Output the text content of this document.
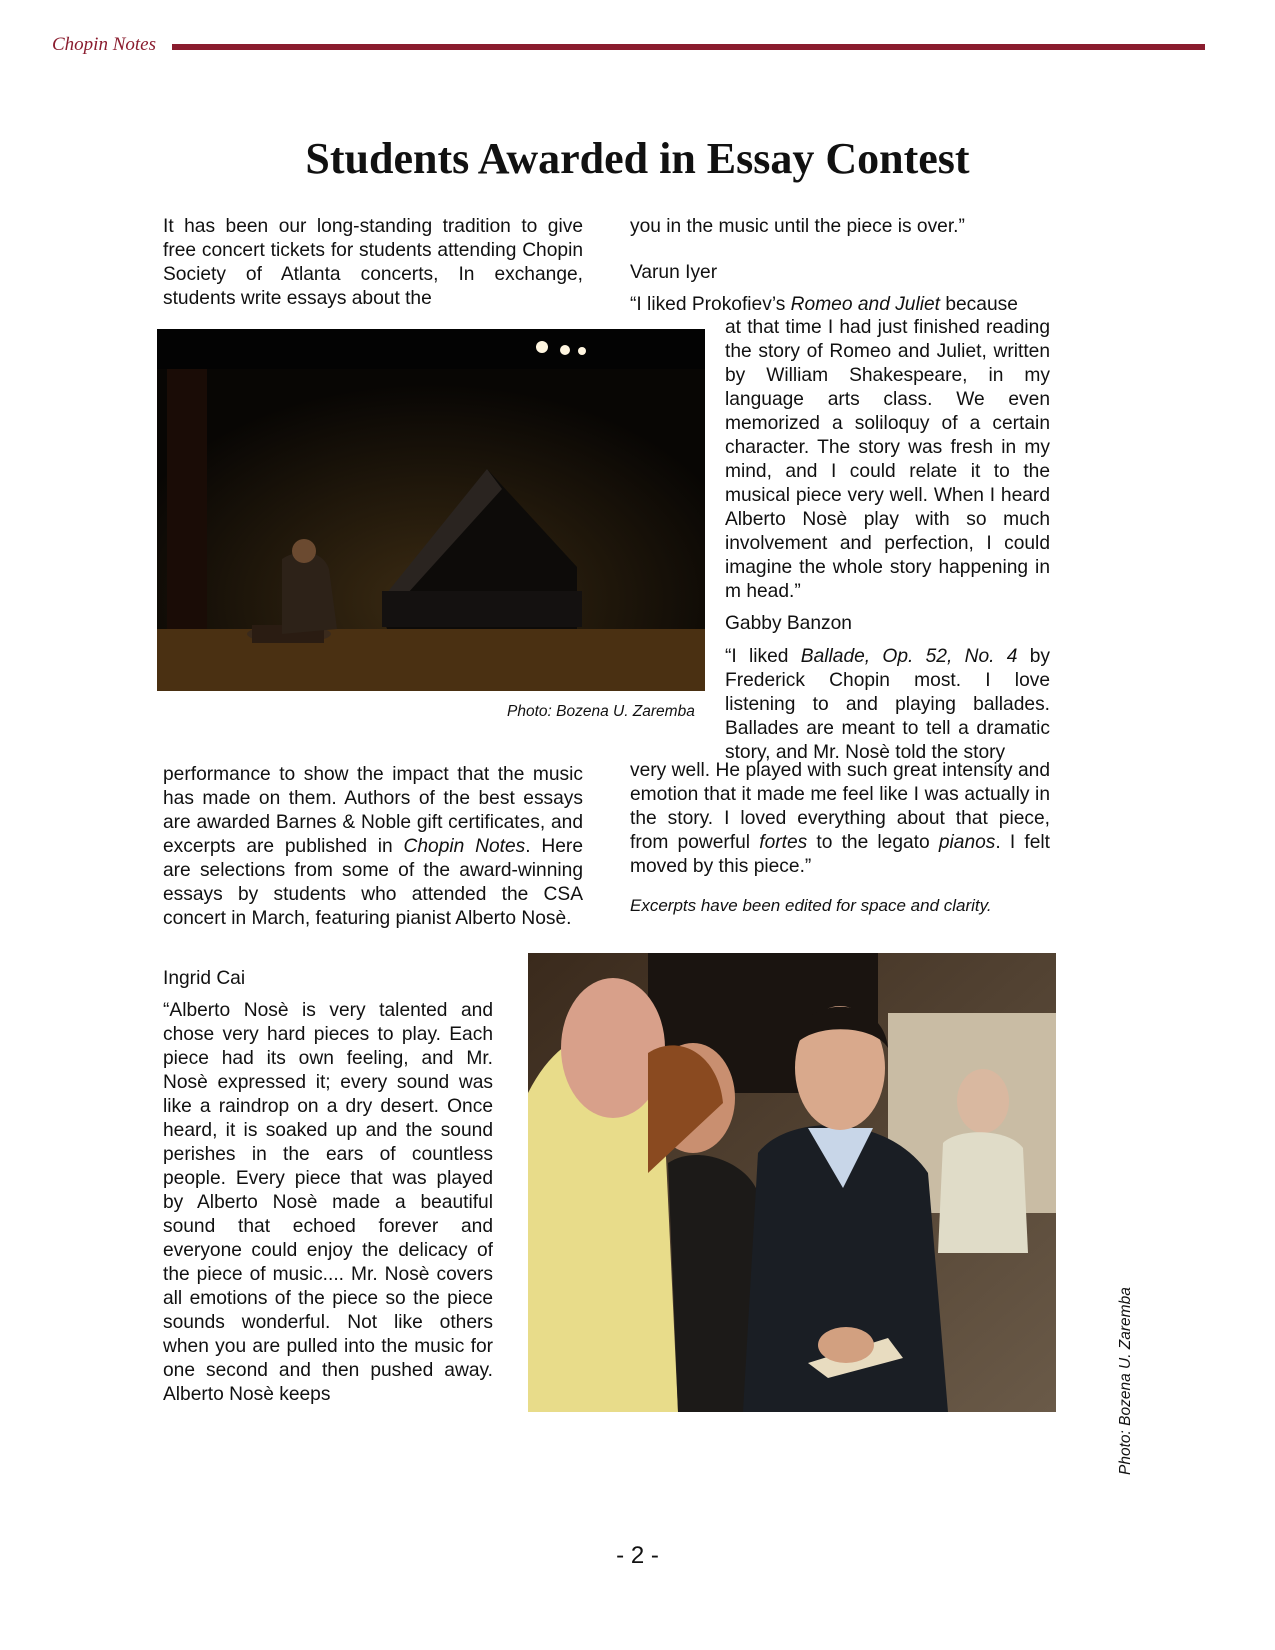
Chopin Notes
Students Awarded in Essay Contest

It has been our long-standing tradition to give free concert tickets for students attending Chopin Society of Atlanta concerts, In exchange, students write essays about the

Photo: Bozena U. Zaremba

performance to show the impact that the music has made on them. Authors of the best essays are awarded Barnes & Noble gift certificates, and excerpts are published in Chopin Notes. Here are selections from some of the award-winning essays by students who attended the CSA concert in March, featuring pianist Alberto Nosè.

Ingrid Cai

“Alberto Nosè is very talented and chose very hard pieces to play. Each piece had its own feeling, and Mr. Nosè expressed it; every sound was like a raindrop on a dry desert. Once heard, it is soaked up and the sound perishes in the ears of countless people. Every piece that was played by Alberto Nosè made a beautiful sound that echoed forever and everyone could enjoy the delicacy of the piece of music.... Mr. Nosè covers all emotions of the piece so the piece sounds wonderful. Not like others when you are pulled into the music for one second and then pushed away. Alberto Nosè keeps

you in the music until the piece is over.”

Varun Iyer

“I liked Prokofiev’s Romeo and Juliet because

at that time I had just finished reading the story of Romeo and Juliet, written by William Shakespeare, in my language arts class. We even memorized a soliloquy of a certain character. The story was fresh in my mind, and I could relate it to the musical piece very well. When I heard Alberto Nosè play with so much involvement and perfection, I could imagine the whole story happening in m head.”

Gabby Banzon

“I liked Ballade, Op. 52, No. 4 by Frederick Chopin most. I love listening to and playing ballades. Ballades are meant to tell a dramatic story, and Mr. Nosè told the story

very well. He played with such great intensity and emotion that it made me feel like I was actually in the story. I loved everything about that piece, from powerful fortes to the legato pianos. I felt moved by this piece.”

Excerpts have been edited for space and clarity.
Photo: Bozena U. Zaremba
- 2 -
